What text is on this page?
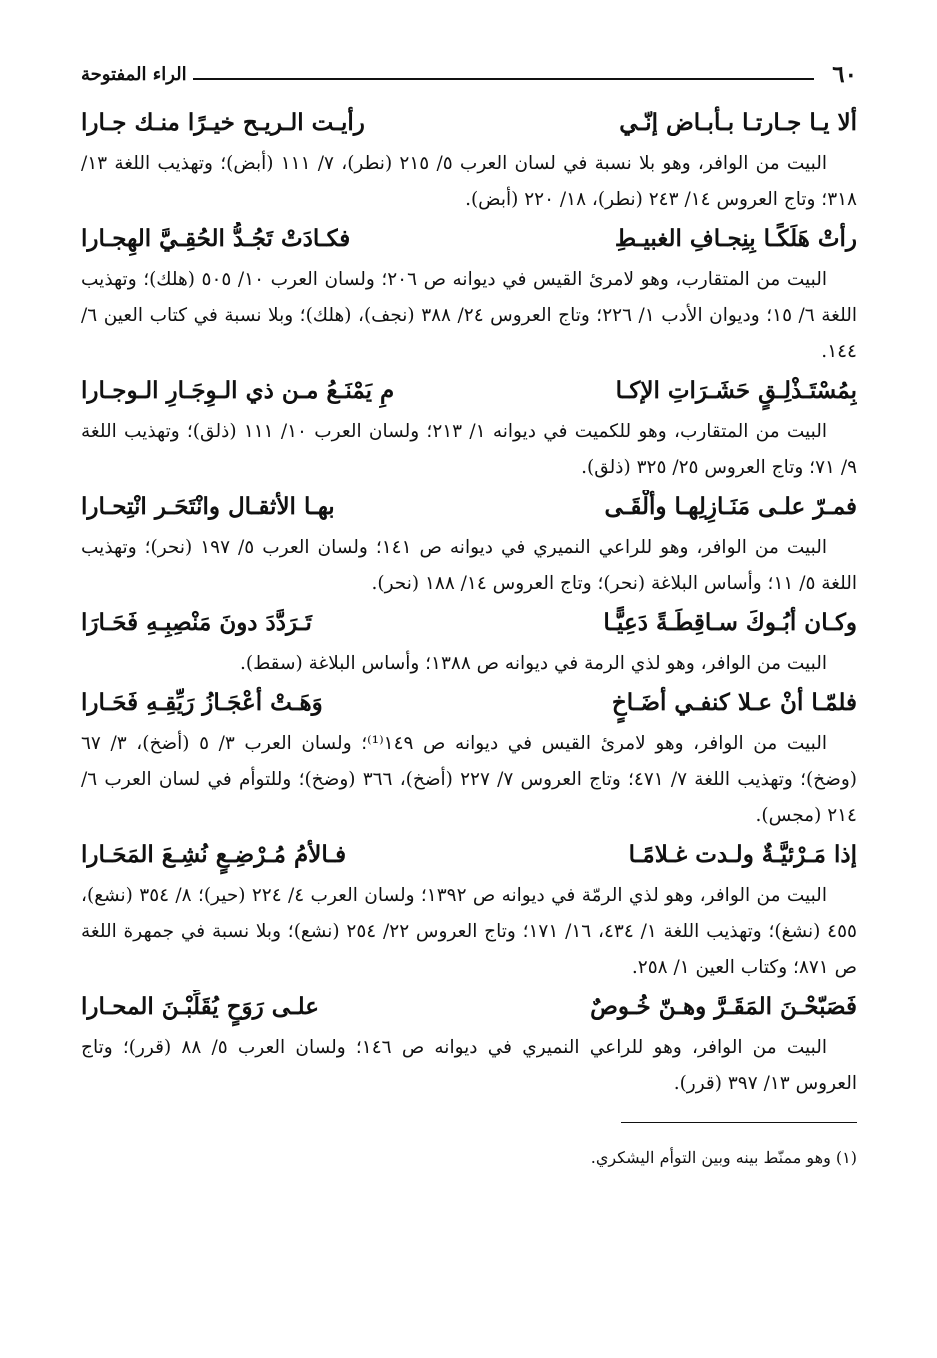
٦٠
الراء المفتوحة
ألا يـا جـارتـا بـأُبـاض إنّـي
رأيـت الـريـح خيـرًا منـك جـارا

البيت من الوافر، وهو بلا نسبة في لسان العرب ٥/ ٢١٥ (نطر)، ٧/ ١١١ (أبض)؛ وتهذيب اللغة ١٣/ ٣١٨؛ وتاج العروس ١٤/ ٢٤٣ (نطر)، ١٨/ ٢٢٠ (أبض).

رأتْ هَلَكًـا بِنِجـافِ الغبيـطِ
فكـادَتْ تَجُـدُّ الحُقِـيَّ الهِجـارا

البيت من المتقارب، وهو لامرئ القيس في ديوانه ص ٢٠٦؛ ولسان العرب ١٠/ ٥٠٥ (هلك)؛ وتهذيب اللغة ٦/ ١٥؛ وديوان الأدب ١/ ٢٢٦؛ وتاج العروس ٢٤/ ٣٨٨ (نجف)، (هلك)؛ وبلا نسبة في كتاب العين ٦/ ١٤٤.

بِمُسْتَـذْلِـقٍ حَشَـرَاتِ الإكـا
مِ يَمْنَـعُ مـن ذي الـوِجَـارِ الـوجـارا

البيت من المتقارب، وهو للكميت في ديوانه ١/ ٢١٣؛ ولسان العرب ١٠/ ١١١ (ذلق)؛ وتهذيب اللغة ٩/ ٧١؛ وتاج العروس ٢٥/ ٣٢٥ (ذلق).

فمـرّ علـى مَنَـازِلِهـا وألْقَـى
بهـا الأثقـال وانْتَحَـر انْتِحـارا

البيت من الوافر، وهو للراعي النميري في ديوانه ص ١٤١؛ ولسان العرب ٥/ ١٩٧ (نحر)؛ وتهذيب اللغة ٥/ ١١؛ وأساس البلاغة (نحر)؛ وتاج العروس ١٤/ ١٨٨ (نحر).

وكـان أبُـوكَ سـاقِطَـةً دَعِيًّـا
تَـرَدَّدَ دونَ مَنْصِبِـهِ فَحَـارَا

البيت من الوافر، وهو لذي الرمة في ديوانه ص ١٣٨٨؛ وأساس البلاغة (سقط).

فلمّـا أنْ عـلا كنفـي أضَـاخٍ
وَهَـتْ أعْجَـازُ رَيِّقِـهِ فَحَـارا

البيت من الوافر، وهو لامرئ القيس في ديوانه ص ١٤٩⁽¹⁾؛ ولسان العرب ٣/ ٥ (أضخ)، ٣/ ٦٧ (وضخ)؛ وتهذيب اللغة ٧/ ٤٧١؛ وتاج العروس ٧/ ٢٢٧ (أضخ)، ٣٦٦ (وضخ)؛ وللتوأم في لسان العرب ٦/ ٢١٤ (مجس).

إذا مَـرْئيَّـةٌ ولـدت غـلامًـا
فـالأمُ مُـرْضِـعٍ نُشِـعَ المَحَـارا

البيت من الوافر، وهو لذي الرمّة في ديوانه ص ١٣٩٢؛ ولسان العرب ٤/ ٢٢٤ (حير)؛ ٨/ ٣٥٤ (نشع)، ٤٥٥ (نشغ)؛ وتهذيب اللغة ١/ ٤٣٤، ١٦/ ١٧١؛ وتاج العروس ٢٢/ ٢٥٤ (نشع)؛ وبلا نسبة في جمهرة اللغة ص ٨٧١؛ وكتاب العين ١/ ٢٥٨.

فَصَبّحْـنَ المَقَـرَّ وهـنّ خُـوصٌ
علـى رَوَحٍ يُقَلِّبْـنَ المحـارا

البيت من الوافر، وهو للراعي النميري في ديوانه ص ١٤٦؛ ولسان العرب ٥/ ٨٨ (قرر)؛ وتاج العروس ١٣/ ٣٩٧ (قرر).

(١) وهو ممنّط بينه وبين التوأم اليشكري.
